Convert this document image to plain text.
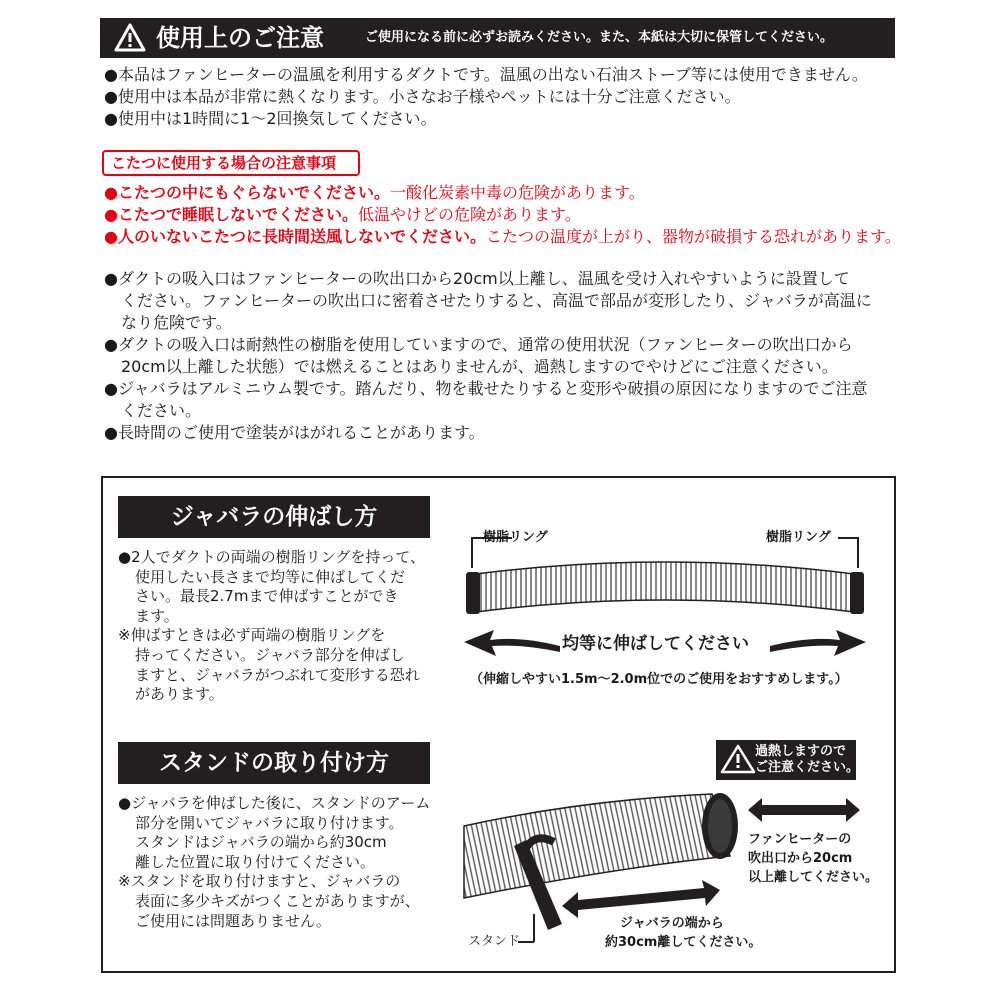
使用上のご注意	ご使用になる前に必ずお読みください。また、本紙は大切に保管してください。
●本品はファンヒーターの温風を利用するダクトです。温風の出ない石油ストーブ等には使用できません。
●使用中は本品が非常に熱くなります。小さなお子様やペットには十分ご注意ください。
●使用中は1時間に1～2回換気してください。
こたつに使用する場合の注意事項
●こたつの中にもぐらないでください。一酸化炭素中毒の危険があります。
●こたつで睡眠しないでください。低温やけどの危険があります。
●人のいないこたつに長時間送風しないでください。こたつの温度が上がり、器物が破損する恐れがあります。
●ダクトの吸入口はファンヒーターの吹出口から20cm以上離し、温風を受け入れやすいように設置して
ください。ファンヒーターの吹出口に密着させたりすると、高温で部品が変形したり、ジャバラが高温に
なり危険です。
●ダクトの吸入口は耐熱性の樹脂を使用していますので、通常の使用状況（ファンヒーターの吹出口から
20cm以上離した状態）では燃えることはありませんが、過熱しますのでやけどにご注意ください。
●ジャバラはアルミニウム製です。踏んだり、物を載せたりすると変形や破損の原因になりますのでご注意
ください。
●長時間のご使用で塗装がはがれることがあります。
ジャバラの伸ばし方
●2人でダクトの両端の樹脂リングを持って、
使用したい長さまで均等に伸ばしてくだ
さい。最長2.7mまで伸ばすことができ
ます。
※伸ばすときは必ず両端の樹脂リングを
持ってください。ジャバラ部分を伸ばし
ますと、ジャバラがつぶれて変形する恐れ
があります。
樹脂リング	樹脂リング
均等に伸ばしてください
（伸縮しやすい1.5m～2.0m位でのご使用をおすすめします。）
スタンドの取り付け方
●ジャバラを伸ばした後に、スタンドのアーム
部分を開いてジャバラに取り付けます。
スタンドはジャバラの端から約30cm
離した位置に取り付けてください。
※スタンドを取り付けますと、ジャバラの
表面に多少キズがつくことがありますが、
ご使用には問題ありません。
過熱しますので
ご注意ください。
ファンヒーターの
吹出口から20cm
以上離してください。
ジャバラの端から
約30cm離してください。
スタンド
